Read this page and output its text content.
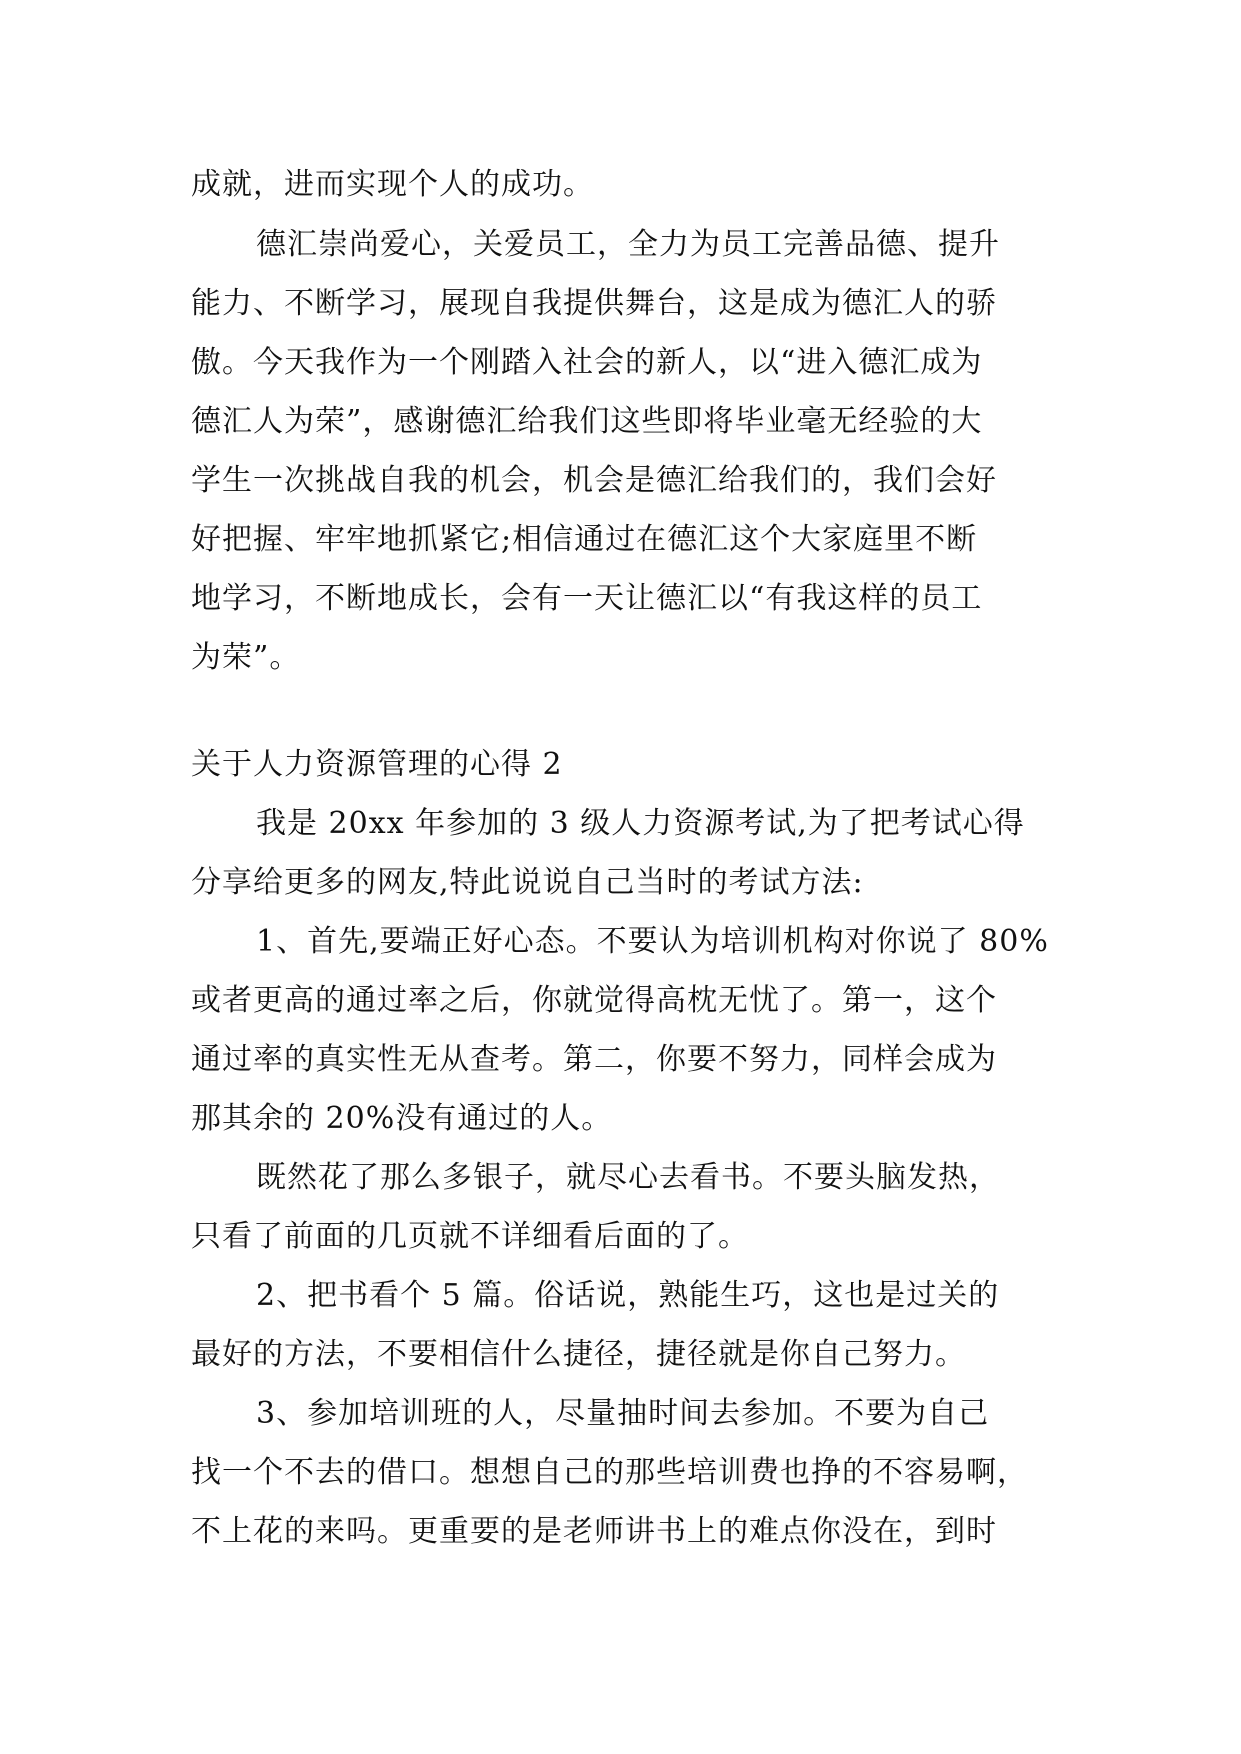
成就，进而实现个人的成功。
德汇崇尚爱心，关爱员工，全力为员工完善品德、提升
能力、不断学习，展现自我提供舞台，这是成为德汇人的骄
傲。今天我作为一个刚踏入社会的新人，以“进入德汇成为
德汇人为荣”，感谢德汇给我们这些即将毕业毫无经验的大
学生一次挑战自我的机会，机会是德汇给我们的，我们会好
好把握、牢牢地抓紧它;相信通过在德汇这个大家庭里不断
地学习，不断地成长，会有一天让德汇以“有我这样的员工
为荣”。
关于人力资源管理的心得 2
我是 20xx 年参加的 3 级人力资源考试,为了把考试心得
分享给更多的网友,特此说说自己当时的考试方法:
1、首先,要端正好心态。不要认为培训机构对你说了 80%
或者更高的通过率之后，你就觉得高枕无忧了。第一，这个
通过率的真实性无从查考。第二，你要不努力，同样会成为
那其余的 20%没有通过的人。
既然花了那么多银子，就尽心去看书。不要头脑发热，
只看了前面的几页就不详细看后面的了。
2、把书看个 5 篇。俗话说，熟能生巧，这也是过关的
最好的方法，不要相信什么捷径，捷径就是你自己努力。
3、参加培训班的人，尽量抽时间去参加。不要为自己
找一个不去的借口。想想自己的那些培训费也挣的不容易啊，
不上花的来吗。更重要的是老师讲书上的难点你没在，到时
